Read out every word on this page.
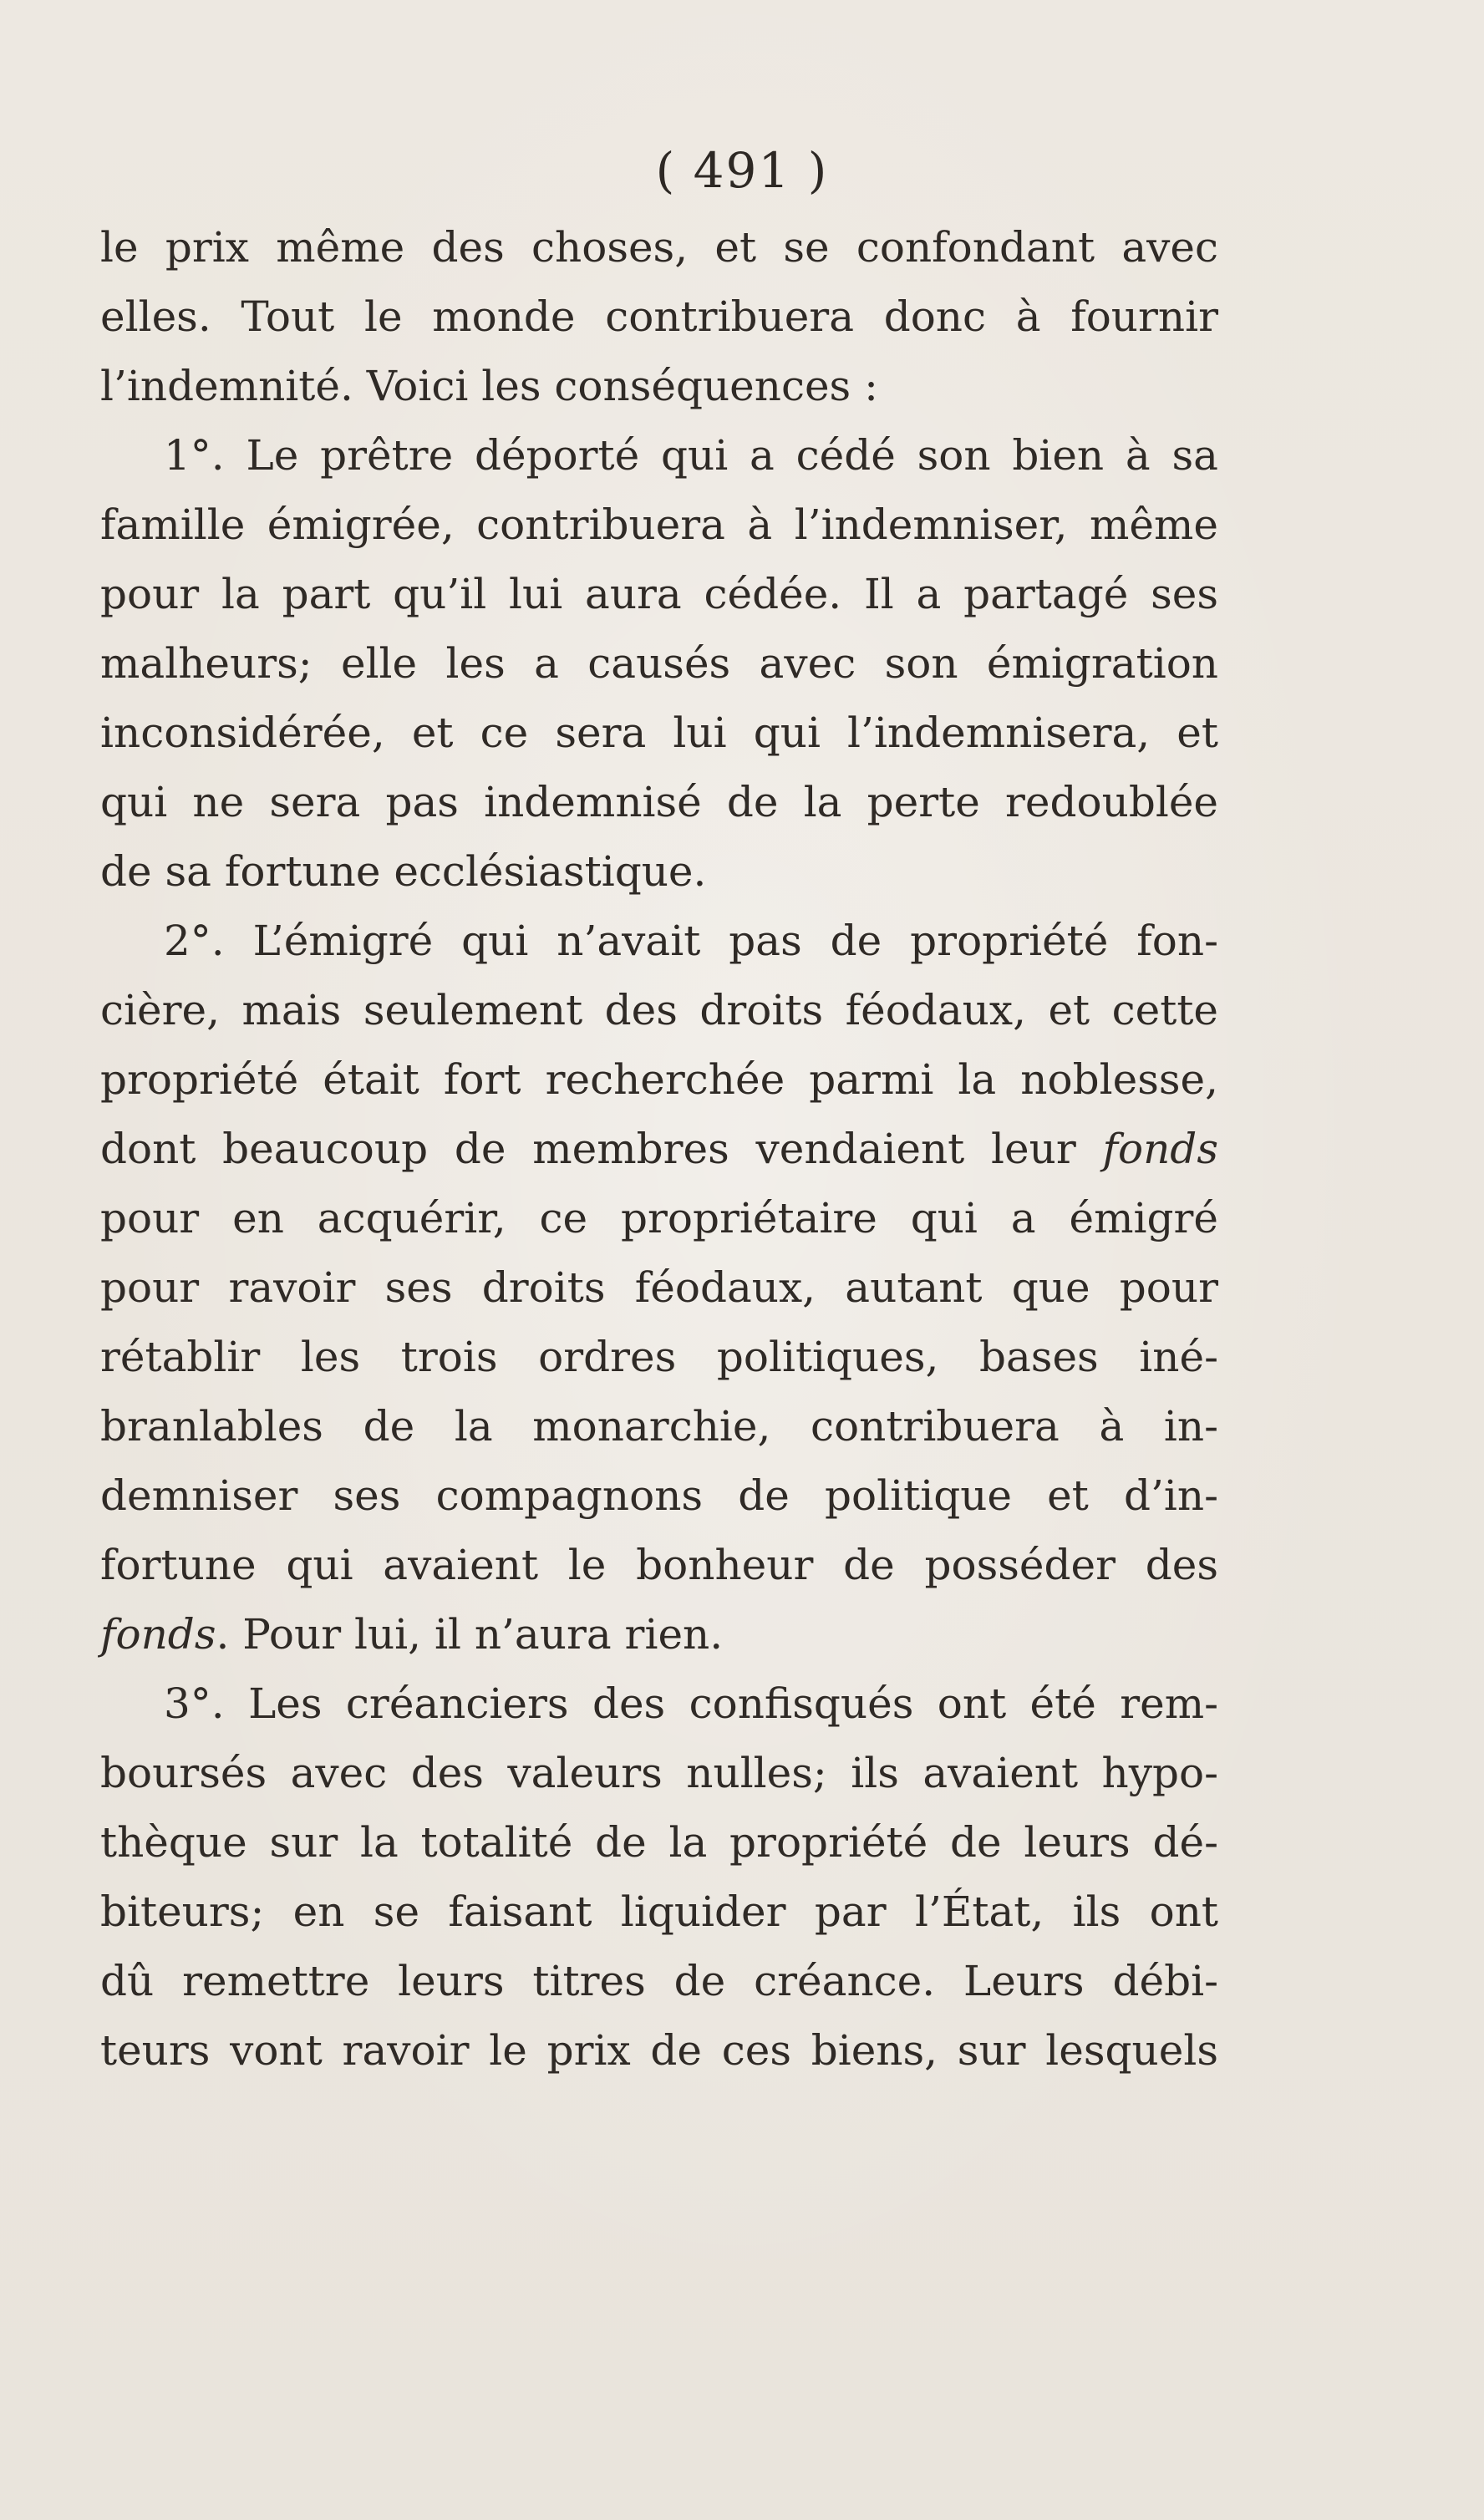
( 491 )
le prix même des choses, et se confondant avec
elles. Tout le monde contribuera donc à fournir
l’indemnité. Voici les conséquences :
1°. Le prêtre déporté qui a cédé son bien à sa
famille émigrée, contribuera à l’indemniser, même
pour la part qu’il lui aura cédée. Il a partagé ses
malheurs; elle les a causés avec son émigration
inconsidérée, et ce sera lui qui l’indemnisera, et
qui ne sera pas indemnisé de la perte redoublée
de sa fortune ecclésiastique.
2°. L’émigré qui n’avait pas de propriété fon-
cière, mais seulement des droits féodaux, et cette
propriété était fort recherchée parmi la noblesse,
dont beaucoup de membres vendaient leur fonds
pour en acquérir, ce propriétaire qui a émigré
pour ravoir ses droits féodaux, autant que pour
rétablir les trois ordres politiques, bases iné-
branlables de la monarchie, contribuera à in-
demniser ses compagnons de politique et d’in-
fortune qui avaient le bonheur de posséder des
fonds. Pour lui, il n’aura rien.
3°. Les créanciers des confisqués ont été rem-
boursés avec des valeurs nulles; ils avaient hypo-
thèque sur la totalité de la propriété de leurs dé-
biteurs; en se faisant liquider par l’État, ils ont
dû remettre leurs titres de créance. Leurs débi-
teurs vont ravoir le prix de ces biens, sur lesquels
